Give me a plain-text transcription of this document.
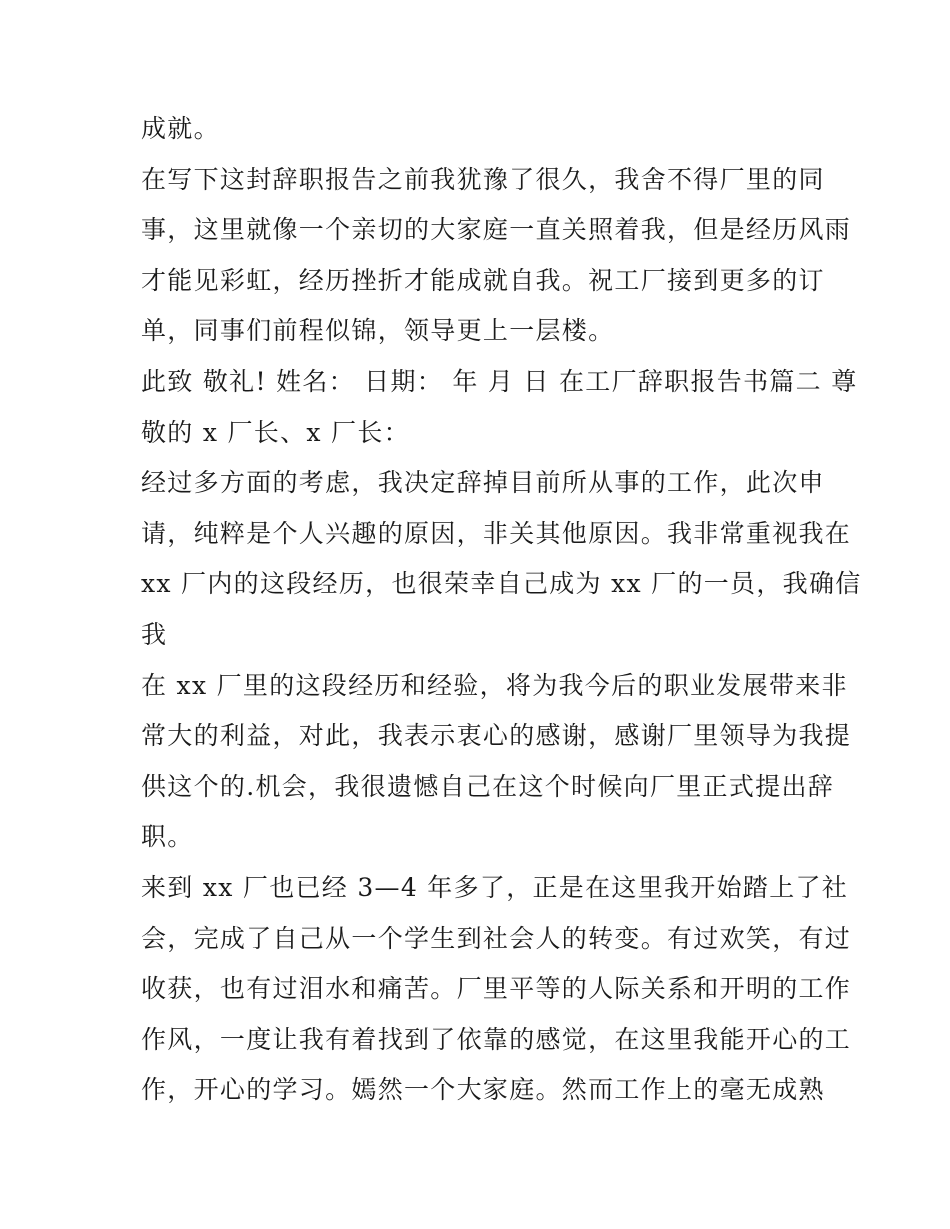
成就。
在写下这封辞职报告之前我犹豫了很久，我舍不得厂里的同
事，这里就像一个亲切的大家庭一直关照着我，但是经历风雨
才能见彩虹，经历挫折才能成就自我。祝工厂接到更多的订
单，同事们前程似锦，领导更上一层楼。
此致 敬礼! 姓名： 日期： 年 月 日 在工厂辞职报告书篇二 尊
敬的 x 厂长、x 厂长：
经过多方面的考虑，我决定辞掉目前所从事的工作，此次申
请，纯粹是个人兴趣的原因，非关其他原因。我非常重视我在
xx 厂内的这段经历，也很荣幸自己成为 xx 厂的一员，我确信
我
在 xx 厂里的这段经历和经验，将为我今后的职业发展带来非
常大的利益，对此，我表示衷心的感谢，感谢厂里领导为我提
供这个的.机会，我很遗憾自己在这个时候向厂里正式提出辞
职。
来到 xx 厂也已经 3—4 年多了，正是在这里我开始踏上了社
会，完成了自己从一个学生到社会人的转变。有过欢笑，有过
收获，也有过泪水和痛苦。厂里平等的人际关系和开明的工作
作风，一度让我有着找到了依靠的感觉，在这里我能开心的工
作，开心的学习。嫣然一个大家庭。然而工作上的毫无成熟
